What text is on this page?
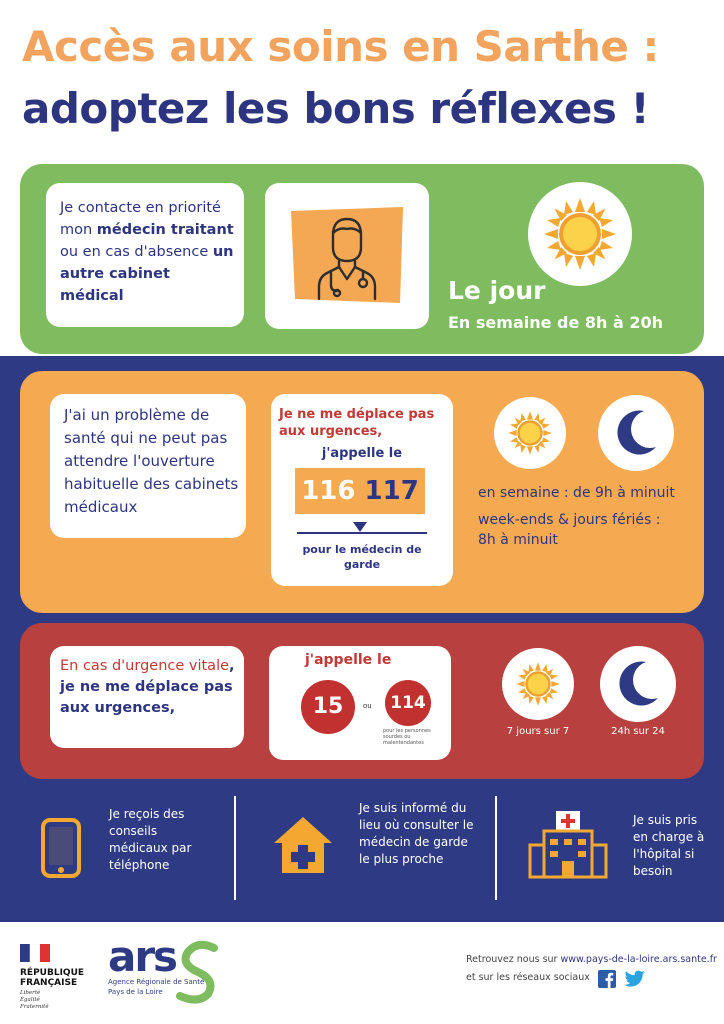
Accès aux soins en Sarthe :
adoptez les bons réflexes !
Je contacte en priorité mon médecin traitant ou en cas d'absence un autre cabinet médical	Le jour
En semaine de 8h à 20h
J'ai un problème de santé qui ne peut pas attendre l'ouverture habituelle des cabinets médicaux
Je ne me déplace pas aux urgences,
j'appelle le
116 117
pour le médecin de garde
en semaine : de 9h à minuit
week-ends & jours fériés :
8h à minuit
En cas d'urgence vitale, je ne me déplace pas aux urgences,
j'appelle le
15	ou	114
pour les personnes sourdes ou malentendantes
7 jours sur 7	24h sur 24
Je reçois des conseils médicaux par téléphone
Je suis informé du lieu où consulter le médecin de garde le plus proche
Je suis pris en charge à l'hôpital si besoin
RÉPUBLIQUE
FRANÇAISE
Liberté
Égalité
Fraternité
ars
Agence Régionale de Santé
Pays de la Loire
Retrouvez nous sur www.pays-de-la-loire.ars.sante.fr
et sur les réseaux sociaux
